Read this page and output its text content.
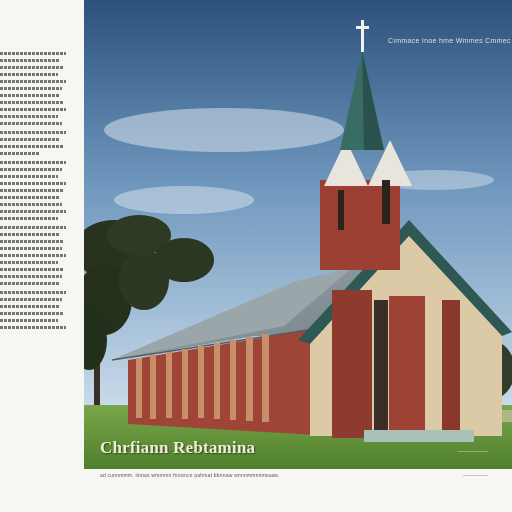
Cimmace Inoe hme Wmmes Cmmec
Chrfiann Rebtamina	—————
ad cunnmmm. iinnas wmnnnn fncwnce pahmat bbnnaw wnnnmmnnnwaaw.	—————
